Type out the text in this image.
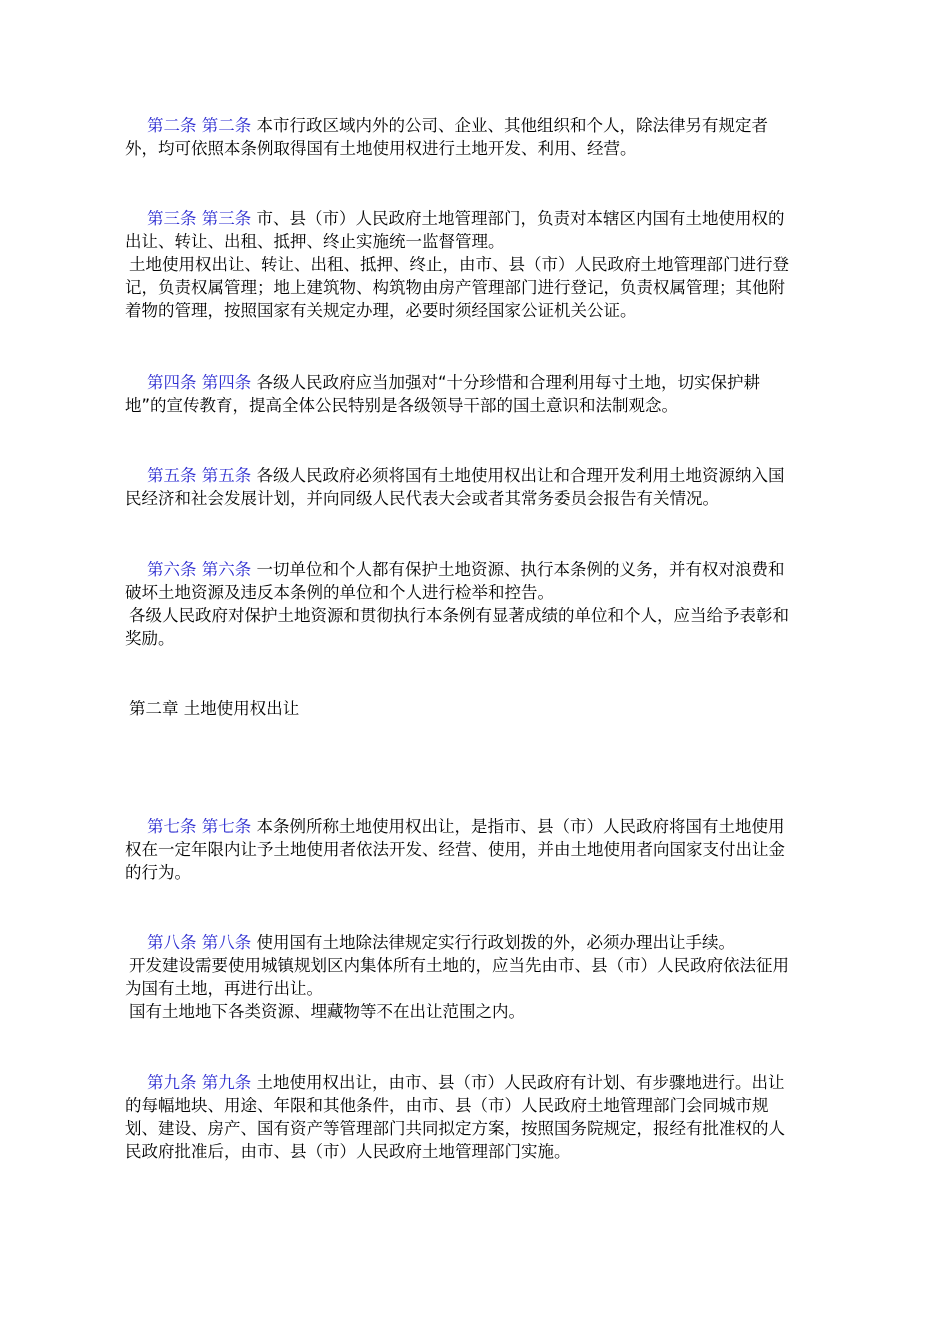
第二条 第二条 本市行政区域内外的公司、企业、其他组织和个人，除法律另有规定者
外，均可依照本条例取得国有土地使用权进行土地开发、利用、经营。
第三条 第三条 市、县（市）人民政府土地管理部门，负责对本辖区内国有土地使用权的
出让、转让、出租、抵押、终止实施统一监督管理。
土地使用权出让、转让、出租、抵押、终止，由市、县（市）人民政府土地管理部门进行登
记，负责权属管理；地上建筑物、构筑物由房产管理部门进行登记，负责权属管理；其他附
着物的管理，按照国家有关规定办理，必要时须经国家公证机关公证。
第四条 第四条 各级人民政府应当加强对“十分珍惜和合理利用每寸土地，切实保护耕
地”的宣传教育，提高全体公民特别是各级领导干部的国土意识和法制观念。
第五条 第五条 各级人民政府必须将国有土地使用权出让和合理开发利用土地资源纳入国
民经济和社会发展计划，并向同级人民代表大会或者其常务委员会报告有关情况。
第六条 第六条 一切单位和个人都有保护土地资源、执行本条例的义务，并有权对浪费和
破坏土地资源及违反本条例的单位和个人进行检举和控告。
各级人民政府对保护土地资源和贯彻执行本条例有显著成绩的单位和个人，应当给予表彰和
奖励。
第二章 土地使用权出让
第七条 第七条 本条例所称土地使用权出让，是指市、县（市）人民政府将国有土地使用
权在一定年限内让予土地使用者依法开发、经营、使用，并由土地使用者向国家支付出让金
的行为。
第八条 第八条 使用国有土地除法律规定实行行政划拨的外，必须办理出让手续。
开发建设需要使用城镇规划区内集体所有土地的，应当先由市、县（市）人民政府依法征用
为国有土地，再进行出让。
国有土地地下各类资源、埋藏物等不在出让范围之内。
第九条 第九条 土地使用权出让，由市、县（市）人民政府有计划、有步骤地进行。出让
的每幅地块、用途、年限和其他条件，由市、县（市）人民政府土地管理部门会同城市规
划、建设、房产、国有资产等管理部门共同拟定方案，按照国务院规定，报经有批准权的人
民政府批准后，由市、县（市）人民政府土地管理部门实施。
